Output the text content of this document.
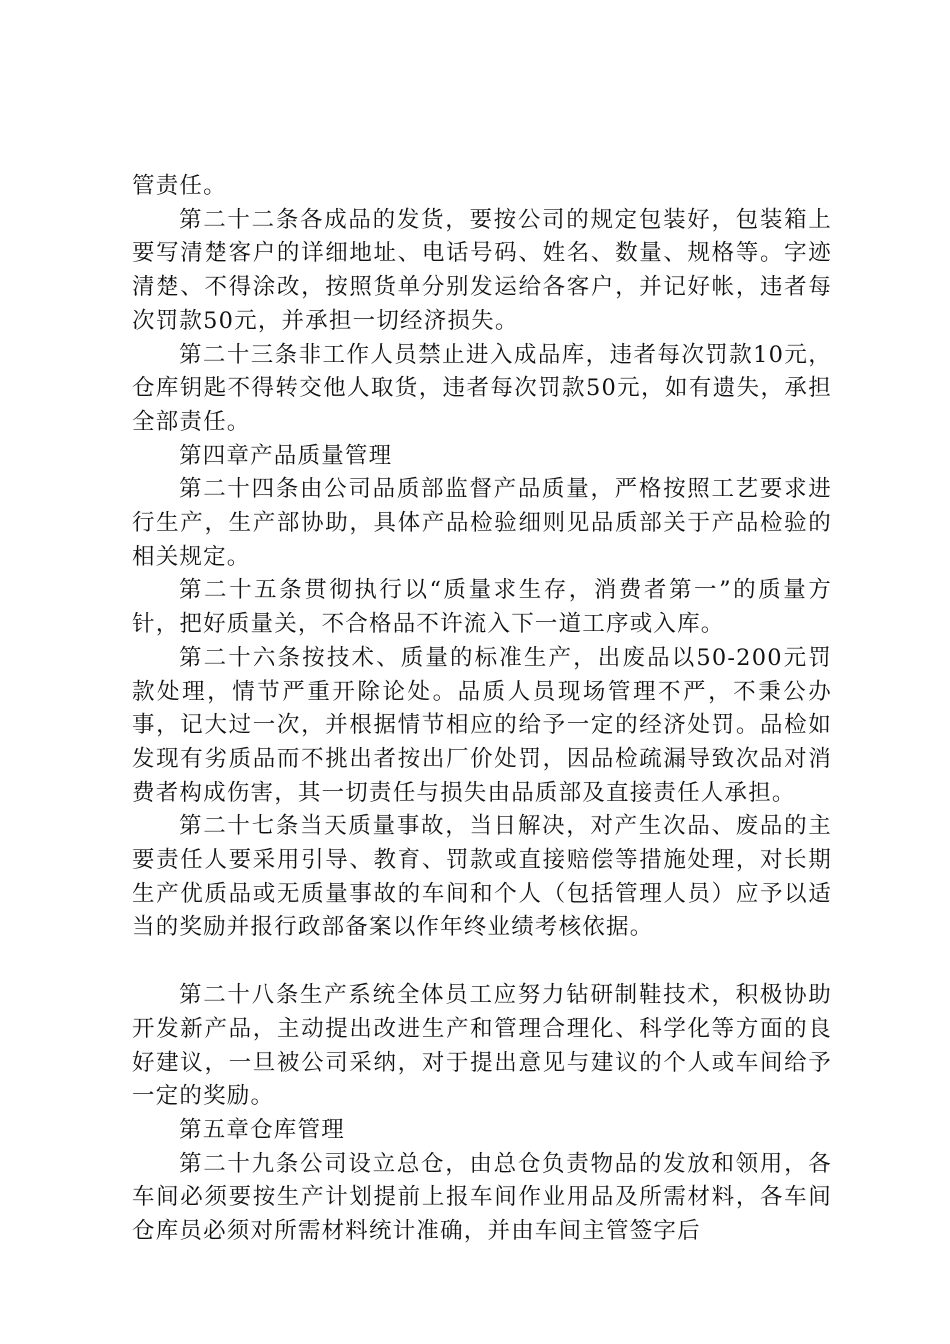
管责任。

第二十二条各成品的发货，要按公司的规定包装好，包装箱上要写清楚客户的详细地址、电话号码、姓名、数量、规格等。字迹清楚、不得涂改，按照货单分别发运给各客户，并记好帐，违者每次罚款50元，并承担一切经济损失。

第二十三条非工作人员禁止进入成品库，违者每次罚款10元，仓库钥匙不得转交他人取货，违者每次罚款50元，如有遗失，承担全部责任。

第四章产品质量管理

第二十四条由公司品质部监督产品质量，严格按照工艺要求进行生产，生产部协助，具体产品检验细则见品质部关于产品检验的相关规定。

第二十五条贯彻执行以“质量求生存，消费者第一”的质量方针，把好质量关，不合格品不许流入下一道工序或入库。

第二十六条按技术、质量的标准生产，出废品以50-200元罚款处理，情节严重开除论处。品质人员现场管理不严，不秉公办事，记大过一次，并根据情节相应的给予一定的经济处罚。品检如发现有劣质品而不挑出者按出厂价处罚，因品检疏漏导致次品对消费者构成伤害，其一切责任与损失由品质部及直接责任人承担。

第二十七条当天质量事故，当日解决，对产生次品、废品的主要责任人要采用引导、教育、罚款或直接赔偿等措施处理，对长期生产优质品或无质量事故的车间和个人（包括管理人员）应予以适当的奖励并报行政部备案以作年终业绩考核依据。

第二十八条生产系统全体员工应努力钻研制鞋技术，积极协助开发新产品，主动提出改进生产和管理合理化、科学化等方面的良好建议，一旦被公司采纳，对于提出意见与建议的个人或车间给予一定的奖励。

第五章仓库管理

第二十九条公司设立总仓，由总仓负责物品的发放和领用，各车间必须要按生产计划提前上报车间作业用品及所需材料，各车间仓库员必须对所需材料统计准确，并由车间主管签字后
